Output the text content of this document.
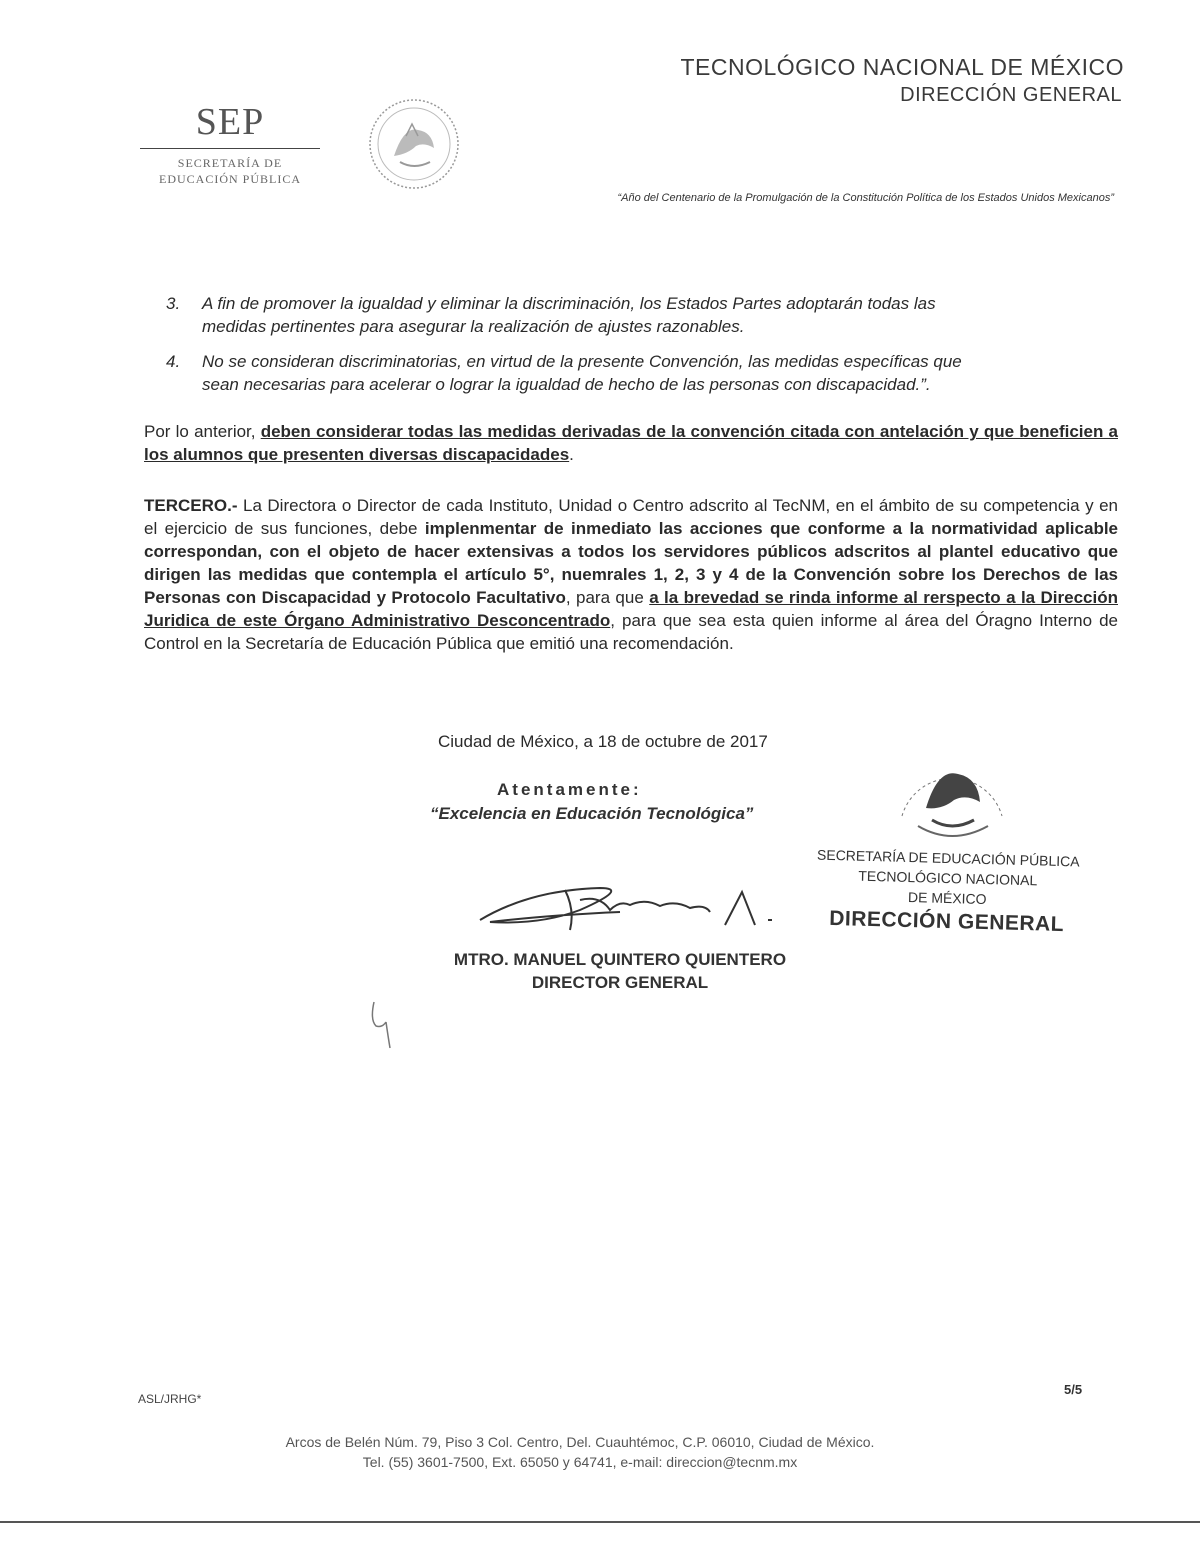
SEP
SECRETARÍA DE
EDUCACIÓN PÚBLICA
TECNOLÓGICO NACIONAL DE MÉXICO
DIRECCIÓN GENERAL
“Año del Centenario de la Promulgación de la Constitución Política de los Estados Unidos Mexicanos”
3. A fin de promover la igualdad y eliminar la discriminación, los Estados Partes adoptarán todas las
medidas pertinentes para asegurar la realización de ajustes razonables.
4. No se consideran discriminatorias, en virtud de la presente Convención, las medidas específicas que
sean necesarias para acelerar o lograr la igualdad de hecho de las personas con discapacidad.”.
Por lo anterior, deben considerar todas las medidas derivadas de la convención citada con antelación y que beneficien a los alumnos que presenten diversas discapacidades.
TERCERO.- La Directora o Director de cada Instituto, Unidad o Centro adscrito al TecNM, en el ámbito de su competencia y en el ejercicio de sus funciones, debe implenmentar de inmediato las acciones que conforme a la normatividad aplicable correspondan, con el objeto de hacer extensivas a todos los servidores públicos adscritos al plantel educativo que dirigen las medidas que contempla el artículo 5°, nuemrales 1, 2, 3 y 4 de la Convención sobre los Derechos de las Personas con Discapacidad y Protocolo Facultativo, para que a la brevedad se rinda informe al rerspecto a la Dirección Juridica de este Órgano Administrativo Desconcentrado, para que sea esta quien informe al área del Óragno Interno de Control en la Secretaría de Educación Pública que emitió una recomendación.
Ciudad de México, a 18 de octubre de 2017
Atentamente:
“Excelencia en Educación Tecnológica”
MTRO. MANUEL QUINTERO QUIENTERO
DIRECTOR GENERAL
SECRETARÍA DE EDUCACIÓN PÚBLICA
TECNOLÓGICO NACIONAL
DE MÉXICO
DIRECCIÓN GENERAL
ASL/JRHG*
5/5
Arcos de Belén Núm. 79, Piso 3 Col. Centro, Del. Cuauhtémoc, C.P. 06010, Ciudad de México.
Tel. (55) 3601-7500, Ext. 65050 y 64741, e-mail: direccion@tecnm.mx
